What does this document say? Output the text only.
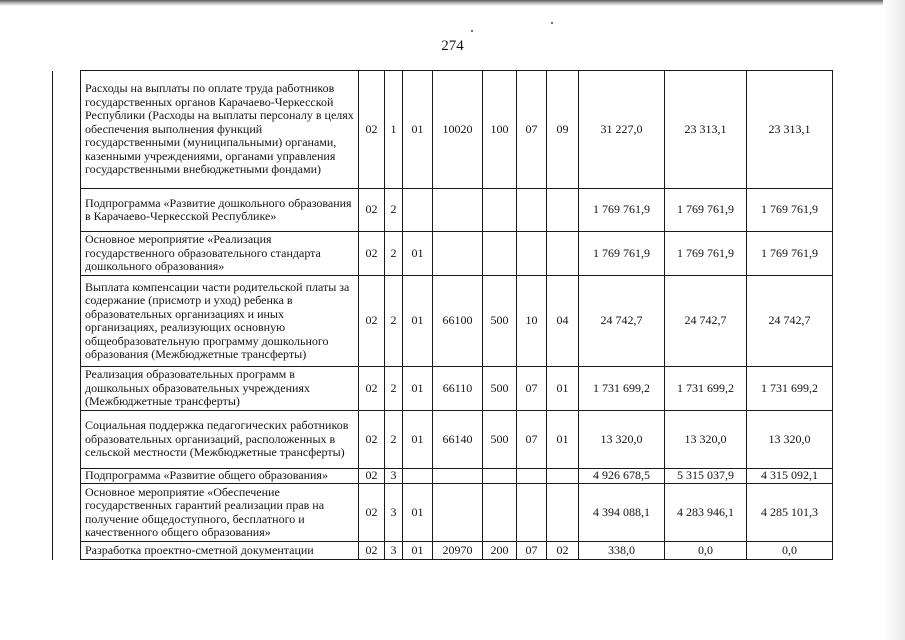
274
	Расходы на выплаты по оплате труда работников государственных органов Карачаево-Черкесской Республики (Расходы на выплаты персоналу в целях обеспечения выполнения функций государственными (муниципальными) органами, казенными учреждениями, органами управления государственными внебюджетными фондами)	02	1	01	10020	100	07	09	31 227,0	23 313,1	23 313,1
	Подпрограмма «Развитие дошкольного образования в Карачаево-Черкесской Республике»	02	2						1 769 761,9	1 769 761,9	1 769 761,9
	Основное мероприятие «Реализация государственного образовательного стандарта дошкольного образования»	02	2	01					1 769 761,9	1 769 761,9	1 769 761,9
	Выплата компенсации части родительской платы за содержание (присмотр и уход) ребенка в образовательных организациях и иных организациях, реализующих основную общеобразовательную программу дошкольного образования (Межбюджетные трансферты)	02	2	01	66100	500	10	04	24 742,7	24 742,7	24 742,7
	Реализация образовательных программ в дошкольных образовательных учреждениях (Межбюджетные трансферты)	02	2	01	66110	500	07	01	1 731 699,2	1 731 699,2	1 731 699,2
	Социальная поддержка педагогических работников образовательных организаций, расположенных в сельской местности (Межбюджетные трансферты)	02	2	01	66140	500	07	01	13 320,0	13 320,0	13 320,0
	Подпрограмма «Развитие общего образования»	02	3						4 926 678,5	5 315 037,9	4 315 092,1
	Основное мероприятие «Обеспечение государственных гарантий реализации прав на получение общедоступного, бесплатного и качественного общего образования»	02	3	01					4 394 088,1	4 283 946,1	4 285 101,3
	Разработка проектно-сметной документации	02	3	01	20970	200	07	02	338,0	0,0	0,0
